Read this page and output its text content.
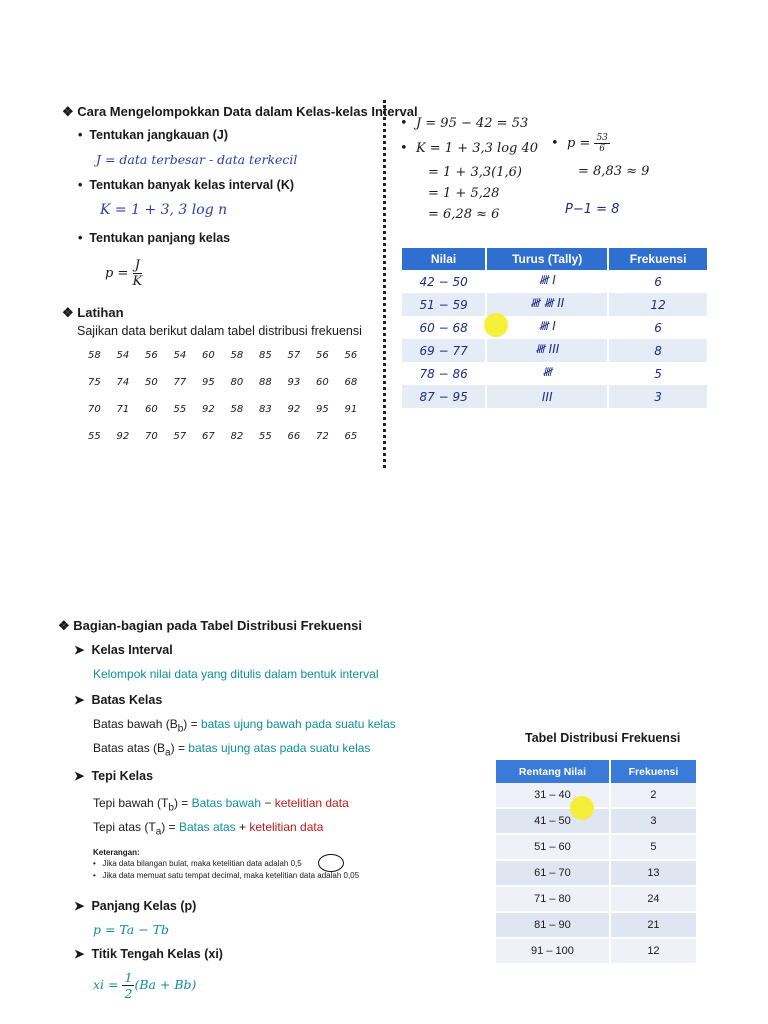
❖ Cara Mengelompokkan Data dalam Kelas-kelas Interval
•  Tentukan jangkauan (J)
J = data terbesar - data terkecil
•  Tentukan banyak kelas interval (K)
K = 1 + 3, 3 log n
•  Tentukan panjang kelas
$p = \frac{J}{K}$
❖ Latihan
Sajikan data berikut dalam tabel distribusi frekuensi
58 54 56 54 60 58 85 57 56 56
75 74 50 77 95 80 88 93 60 68
70 71 60 55 92 58 83 92 95 91
55 92 70 57 67 82 55 66 72 65
•  J = 95 − 42 = 53
•  K = 1 + 3,3 log 40
= 1 + 3,3(1,6)
= 1 + 5,28
= 6,28 ≈ 6
•  $p = \frac{53}{6}$
= 8,83 ≈ 9
P−1 = 8
Nilai	Turus (Tally)	Frekuensi
42 − 50	𝍸 I	6
51 − 59	𝍸 𝍸 II	12
60 − 68	𝍸 I	6
69 − 77	𝍸 III	8
78 − 86	𝍸	5
87 − 95	III	3
❖ Bagian-bagian pada Tabel Distribusi Frekuensi
➤ Kelas Interval
Kelompok nilai data yang ditulis dalam bentuk interval
➤ Batas Kelas
Batas bawah $(B_b)$ = batas ujung bawah pada suatu kelas
Batas atas $(B_a)$ = batas ujung atas pada suatu kelas
➤ Tepi Kelas
Tepi bawah $(T_b)$ = Batas bawah − ketelitian data
Tepi atas $(T_a)$ = Batas atas + ketelitian data
Keterangan:
•   Jika data bilangan bulat, maka ketelitian data adalah 0,5
•   Jika data memuat satu tempat decimal, maka ketelitian data adalah 0,05
➤ Panjang Kelas (p)
p = Ta − Tb
➤ Titik Tengah Kelas (xi)
xi = $\frac{1}{2} (Ba + Bb)$
Tabel Distribusi Frekuensi
Rentang Nilai	Frekuensi
31 – 40	2
41 – 50	3
51 – 60	5
61 – 70	13
71 – 80	24
81 – 90	21
91 – 100	12
